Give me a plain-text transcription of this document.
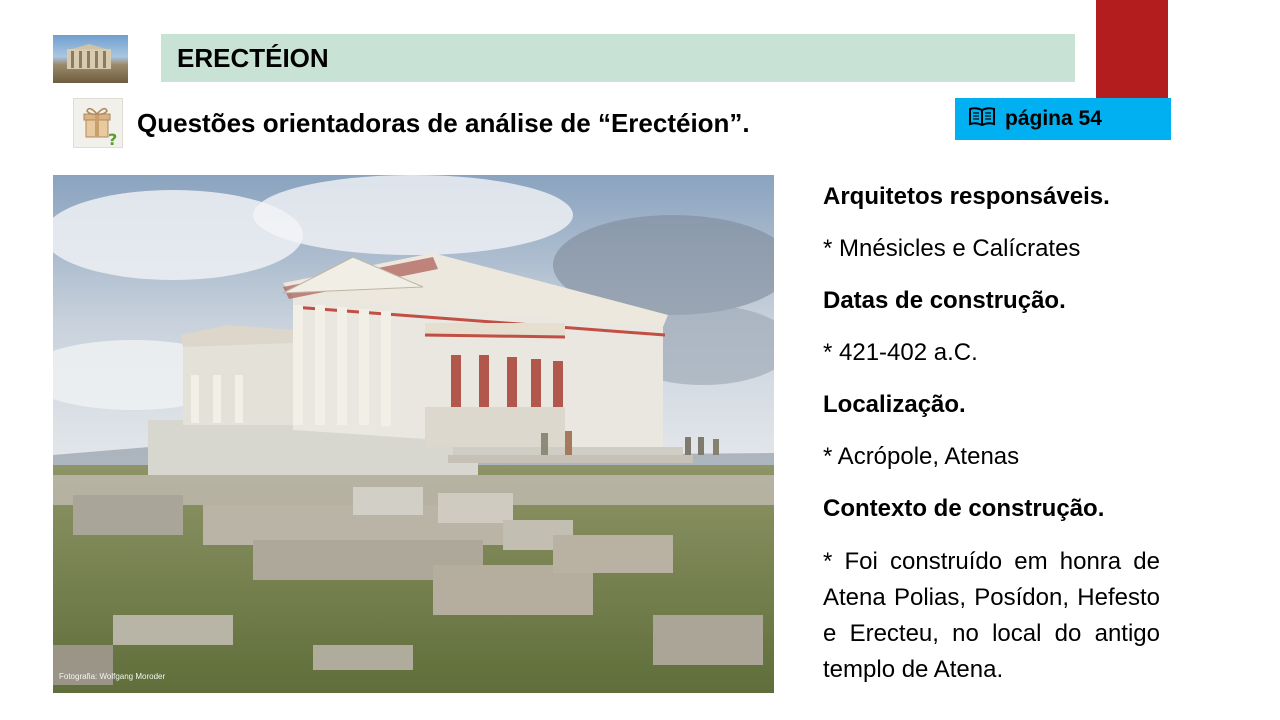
ERECTÉION
página 54
?
Questões orientadoras de análise de “Erectéion”.
Fotografia: Wolfgang Moroder

Arquitetos responsáveis.

* Mnésicles e Calícrates

Datas de construção.

* 421-402 a.C.

Localização.

* Acrópole, Atenas

Contexto de construção.

* Foi construído em honra de Atena Polias, Posídon, Hefesto e Erecteu, no local do antigo templo de Atena.
